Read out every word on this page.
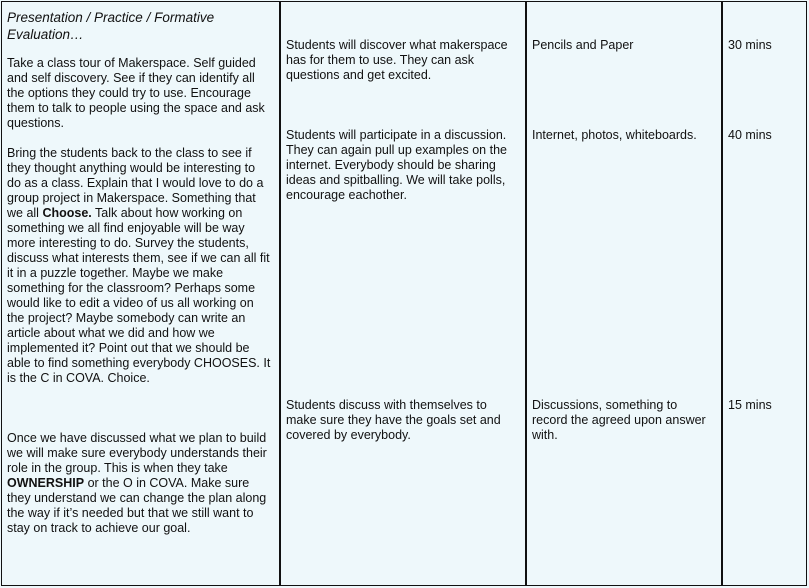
Presentation / Practice / Formative
Evaluation…
Take a class tour of Makerspace. Self guided
and self discovery. See if they can identify all
the options they could try to use. Encourage
them to talk to people using the space and ask
questions.
Bring the students back to the class to see if
they thought anything would be interesting to
do as a class. Explain that I would love to do a
group project in Makerspace. Something that
we all Choose. Talk about how working on
something we all find enjoyable will be way
more interesting to do. Survey the students,
discuss what interests them, see if we can all fit
it in a puzzle together. Maybe we make
something for the classroom? Perhaps some
would like to edit a video of us all working on
the project? Maybe somebody can write an
article about what we did and how we
implemented it? Point out that we should be
able to find something everybody CHOOSES. It
is the C in COVA. Choice.
Once we have discussed what we plan to build
we will make sure everybody understands their
role in the group. This is when they take
OWNERSHIP or the O in COVA. Make sure
they understand we can change the plan along
the way if it’s needed but that we still want to
stay on track to achieve our goal.
Students will discover what makerspace
has for them to use. They can ask
questions and get excited.
Students will participate in a discussion.
They can again pull up examples on the
internet. Everybody should be sharing
ideas and spitballing. We will take polls,
encourage eachother.
Students discuss with themselves to
make sure they have the goals set and
covered by everybody.
Pencils and Paper
Internet, photos, whiteboards.
Discussions, something to
record the agreed upon answer
with.
30 mins
40 mins
15 mins
